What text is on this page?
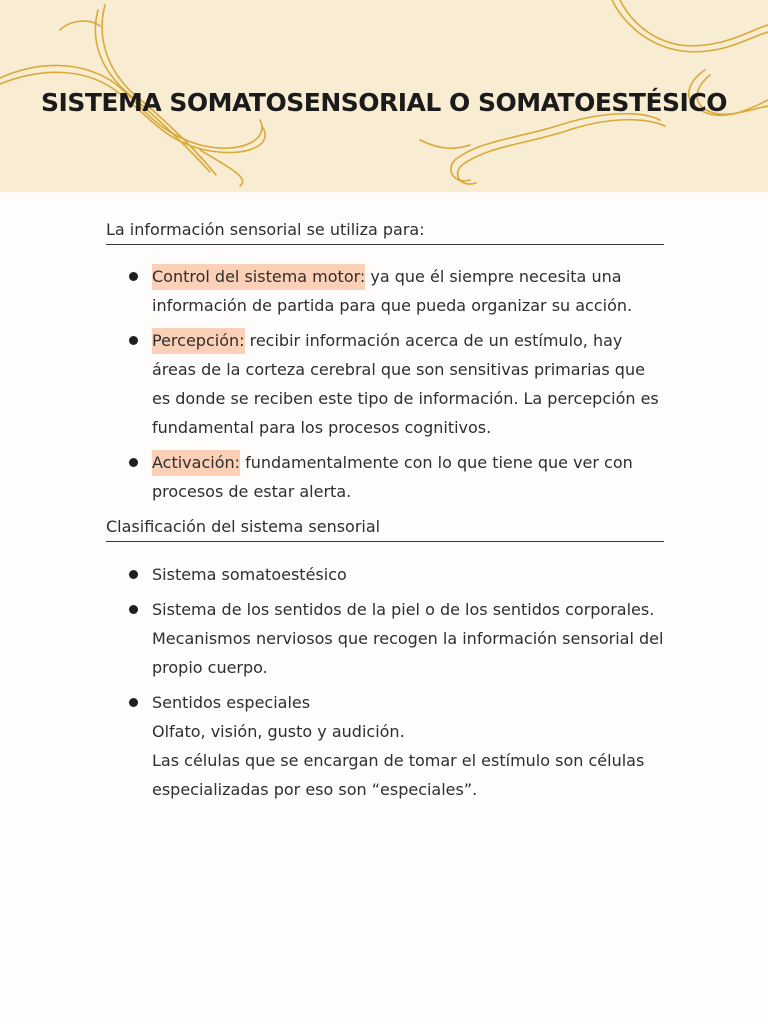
SISTEMA SOMATOSENSORIAL O SOMATOESTÉSICO
La información sensorial se utiliza para:
Control del sistema motor: ya que él siempre necesita una información de partida para que pueda organizar su acción.
Percepción: recibir información acerca de un estímulo, hay áreas de la corteza cerebral que son sensitivas primarias que es donde se reciben este tipo de información. La percepción es fundamental para los procesos cognitivos.
Activación: fundamentalmente con lo que tiene que ver con procesos de estar alerta.
Clasificación del sistema sensorial
Sistema somatoestésico
Sistema de los sentidos de la piel o de los sentidos corporales.
Mecanismos nerviosos que recogen la información sensorial del propio cuerpo.
Sentidos especiales
Olfato, visión, gusto y audición.
Las células que se encargan de tomar el estímulo son células especializadas por eso son “especiales”.
